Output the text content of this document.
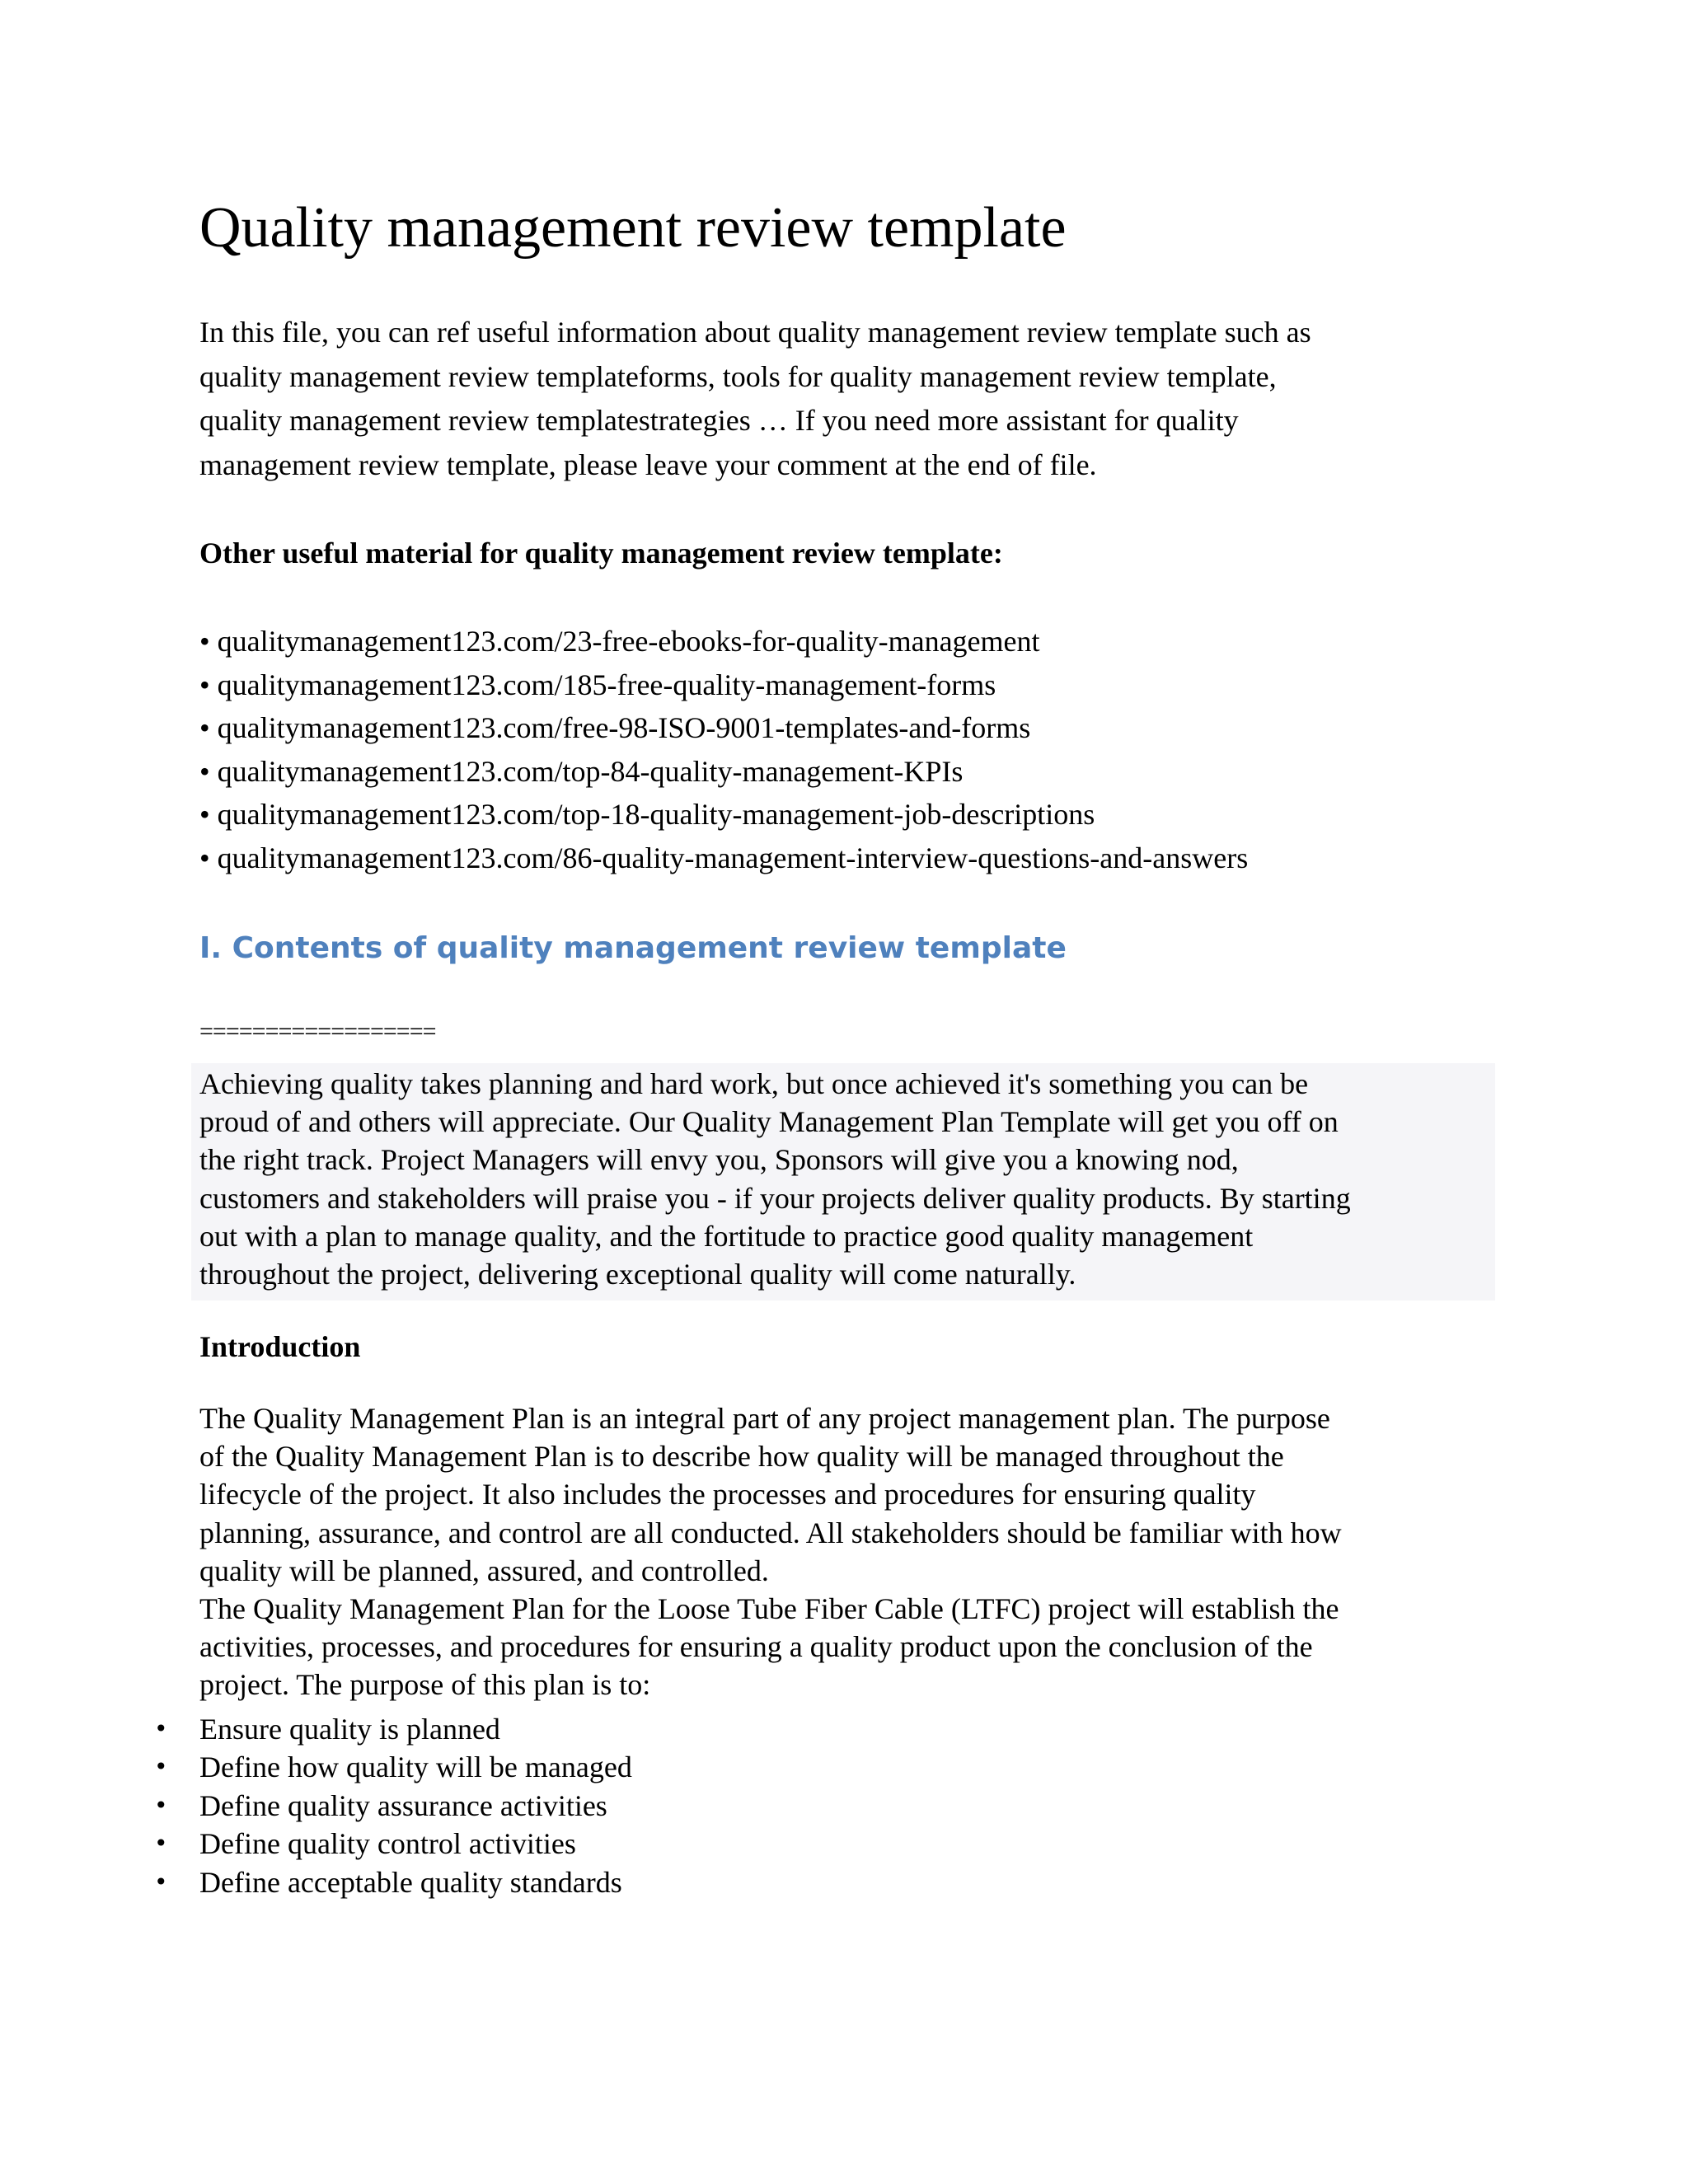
Quality management review template

In this file, you can ref useful information about quality management review template such as
quality management review templateforms, tools for quality management review template,
quality management review templatestrategies … If you need more assistant for quality
management review template, please leave your comment at the end of file.

Other useful material for quality management review template:
• qualitymanagement123.com/23-free-ebooks-for-quality-management
• qualitymanagement123.com/185-free-quality-management-forms
• qualitymanagement123.com/free-98-ISO-9001-templates-and-forms
• qualitymanagement123.com/top-84-quality-management-KPIs
• qualitymanagement123.com/top-18-quality-management-job-descriptions
• qualitymanagement123.com/86-quality-management-interview-questions-and-answers
I. Contents of quality management review template
==================

Achieving quality takes planning and hard work, but once achieved it's something you can be
proud of and others will appreciate. Our Quality Management Plan Template will get you off on
the right track. Project Managers will envy you, Sponsors will give you a knowing nod,
customers and stakeholders will praise you - if your projects deliver quality products. By starting
out with a plan to manage quality, and the fortitude to practice good quality management
throughout the project, delivering exceptional quality will come naturally.

Introduction

The Quality Management Plan is an integral part of any project management plan. The purpose
of the Quality Management Plan is to describe how quality will be managed throughout the
lifecycle of the project. It also includes the processes and procedures for ensuring quality
planning, assurance, and control are all conducted. All stakeholders should be familiar with how
quality will be planned, assured, and controlled.
The Quality Management Plan for the Loose Tube Fiber Cable (LTFC) project will establish the
activities, processes, and procedures for ensuring a quality product upon the conclusion of the
project. The purpose of this plan is to:

• Ensure quality is planned
• Define how quality will be managed
• Define quality assurance activities
• Define quality control activities
• Define acceptable quality standards
